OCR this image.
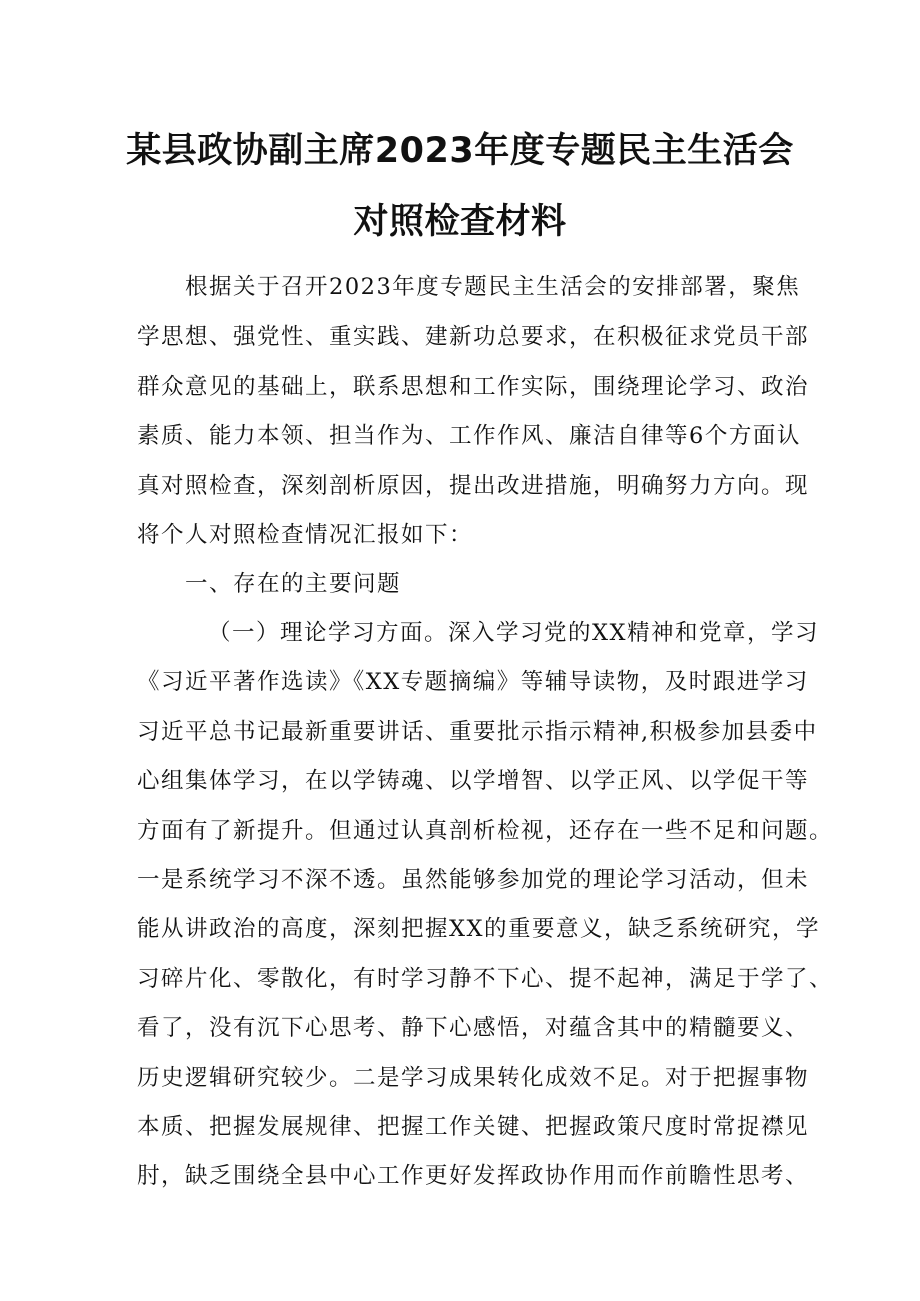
某县政协副主席2023年度专题民主生活会
对照检查材料
根据关于召开2023年度专题民主生活会的安排部署，聚焦
学思想、强党性、重实践、建新功总要求，在积极征求党员干部
群众意见的基础上，联系思想和工作实际，围绕理论学习、政治
素质、能力本领、担当作为、工作作风、廉洁自律等6个方面认
真对照检查，深刻剖析原因，提出改进措施，明确努力方向。现
将个人对照检查情况汇报如下：
一、存在的主要问题
（一）理论学习方面。深入学习党的XX精神和党章，学习
《习近平著作选读》《XX专题摘编》等辅导读物，及时跟进学习
习近平总书记最新重要讲话、重要批示指示精神,积极参加县委中
心组集体学习，在以学铸魂、以学增智、以学正风、以学促干等
方面有了新提升。但通过认真剖析检视，还存在一些不足和问题。
一是系统学习不深不透。虽然能够参加党的理论学习活动，但未
能从讲政治的高度，深刻把握XX的重要意义，缺乏系统研究，学
习碎片化、零散化，有时学习静不下心、提不起神，满足于学了、
看了，没有沉下心思考、静下心感悟，对蕴含其中的精髓要义、
历史逻辑研究较少。二是学习成果转化成效不足。对于把握事物
本质、把握发展规律、把握工作关键、把握政策尺度时常捉襟见
肘，缺乏围绕全县中心工作更好发挥政协作用而作前瞻性思考、
